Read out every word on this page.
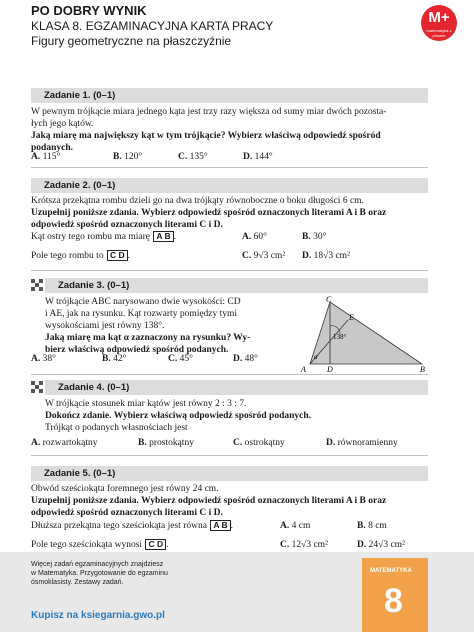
PO DOBRY WYNIK
KLASA 8. EGZAMINACYJNA KARTA PRACY
Figury geometryczne na płaszczyźnie
M+
matematyka z plusem
Zadanie 1. (0–1)
W pewnym trójkącie miara jednego kąta jest trzy razy większa od sumy miar dwóch pozosta-
łych jego kątów.
Jaką miarę ma największy kąt w tym trójkącie? Wybierz właściwą odpowiedź spośród
podanych.
A. 115°	B. 120°	C. 135°	D. 144°
Zadanie 2. (0–1)
Krótsza przekątna rombu dzieli go na dwa trójkąty równoboczne o boku długości 6 cm.
Uzupełnij poniższe zdania. Wybierz odpowiedź spośród oznaczonych literami A i B oraz
odpowiedź spośród oznaczonych literami C i D.
Kąt ostry tego rombu ma miarę A B .	A. 60°	B. 30°
Pole tego rombu to C D .	C. 9√3 cm² D. 18√3 cm²
Zadanie 3. (0–1)
W trójkącie ABC narysowano dwie wysokości: CD
i AE, jak na rysunku. Kąt rozwarty pomiędzy tymi
wysokościami jest równy 138°.
Jaką miarę ma kąt α zaznaczony na rysunku? Wy-
bierz właściwą odpowiedź spośród podanych.
A. 38°	B. 42°	C. 45°	D. 48°
138°
α
A	B
C
D
E
Zadanie 4. (0–1)
W trójkącie stosunek miar kątów jest równy 2 : 3 : 7.
Dokończ zdanie. Wybierz właściwą odpowiedź spośród podanych.
Trójkąt o podanych własnościach jest
A. rozwartokątny	B. prostokątny	C. ostrokątny	D. równoramienny
Zadanie 5. (0–1)
Obwód sześciokąta foremnego jest równy 24 cm.
Uzupełnij poniższe zdania. Wybierz odpowiedź spośród oznaczonych literami A i B oraz
odpowiedź spośród oznaczonych literami C i D.
Dłuższa przekątna tego sześciokąta jest równa A B .	A. 4 cm	B. 8 cm
Pole tego sześciokąta wynosi C D .	C. 12√3 cm²	D. 24√3 cm²
Więcej zadań egzaminacyjnych znajdziesz
w Matematyka. Przygotowanie do egzaminu
ósmoklasisty. Zestawy zadań.
Kupisz na ksiegarnia.gwo.pl
MATEMATYKA
8
